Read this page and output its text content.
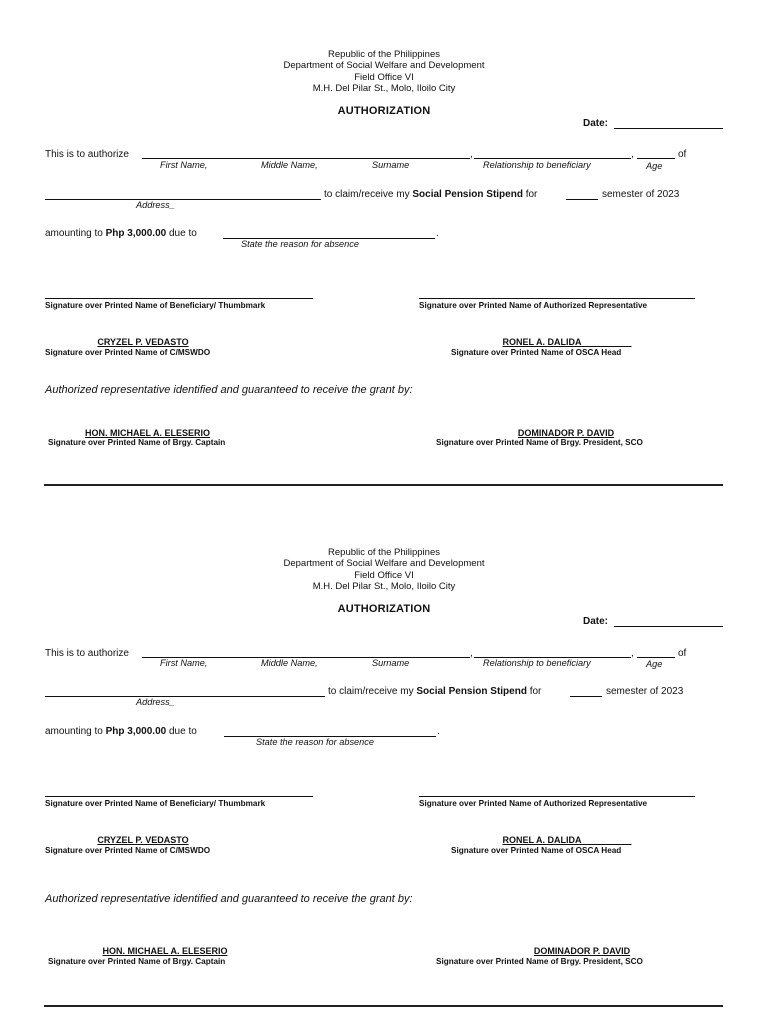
Republic of the Philippines
Department of Social Welfare and Development
Field Office VI
M.H. Del Pilar St., Molo, Iloilo City
AUTHORIZATION
Date:
This is to authorize	,	,	of
First Name,	Middle Name,	Surname	Relationship to beneficiary	Age
to claim/receive my Social Pension Stipend for	semester of 2023
Address_
amounting to Php 3,000.00 due to	.
State the reason for absence
Signature over Printed Name of Beneficiary/ Thumbmark	Signature over Printed Name of Authorized Representative
CRYZEL P. VEDASTO
Signature over Printed Name of C/MSWDO
RONEL A. DALIDA
Signature over Printed Name of OSCA Head
Authorized representative identified and guaranteed to receive the grant by:
HON. MICHAEL A. ELESERIO
Signature over Printed Name of Brgy. Captain
DOMINADOR P. DAVID
Signature over Printed Name of Brgy. President, SCO
Republic of the Philippines
Department of Social Welfare and Development
Field Office VI
M.H. Del Pilar St., Molo, Iloilo City
AUTHORIZATION
Date:
This is to authorize	,	,	of
First Name,	Middle Name,	Surname	Relationship to beneficiary	Age
to claim/receive my Social Pension Stipend for	semester of 2023
Address_
amounting to Php 3,000.00 due to	.
State the reason for absence
Signature over Printed Name of Beneficiary/ Thumbmark	Signature over Printed Name of Authorized Representative
CRYZEL P. VEDASTO
Signature over Printed Name of C/MSWDO
RONEL A. DALIDA
Signature over Printed Name of OSCA Head
Authorized representative identified and guaranteed to receive the grant by:
HON. MICHAEL A. ELESERIO
Signature over Printed Name of Brgy. Captain
DOMINADOR P. DAVID
Signature over Printed Name of Brgy. President, SCO
